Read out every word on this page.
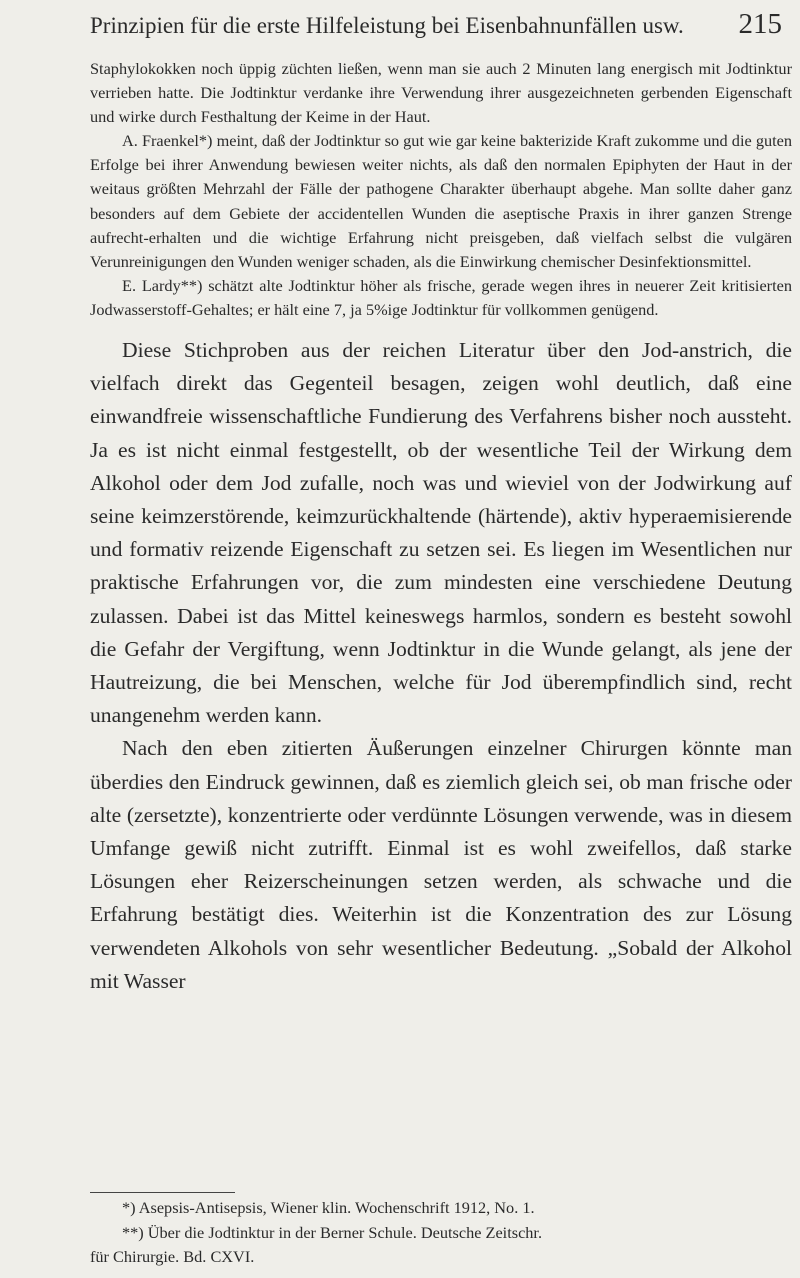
Prinzipien für die erste Hilfeleistung bei Eisenbahnunfällen usw. 215

Staphylokokken noch üppig züchten ließen, wenn man sie auch 2 Minuten lang energisch mit Jodtinktur verrieben hatte. Die Jodtinktur verdanke ihre Verwendung ihrer ausgezeichneten gerbenden Eigenschaft und wirke durch Festhaltung der Keime in der Haut.

A. Fraenkel*) meint, daß der Jodtinktur so gut wie gar keine bakterizide Kraft zukomme und die guten Erfolge bei ihrer Anwendung bewiesen weiter nichts, als daß den normalen Epiphyten der Haut in der weitaus größten Mehrzahl der Fälle der pathogene Charakter überhaupt abgehe. Man sollte daher ganz besonders auf dem Gebiete der accidentellen Wunden die aseptische Praxis in ihrer ganzen Strenge aufrecht-erhalten und die wichtige Erfahrung nicht preisgeben, daß vielfach selbst die vulgären Verunreinigungen den Wunden weniger schaden, als die Einwirkung chemischer Desinfektionsmittel.

E. Lardy**) schätzt alte Jodtinktur höher als frische, gerade wegen ihres in neuerer Zeit kritisierten Jodwasserstoff-Gehaltes; er hält eine 7, ja 5%ige Jodtinktur für vollkommen genügend.

Diese Stichproben aus der reichen Literatur über den Jod-anstrich, die vielfach direkt das Gegenteil besagen, zeigen wohl deutlich, daß eine einwandfreie wissenschaftliche Fundierung des Verfahrens bisher noch aussteht. Ja es ist nicht einmal festgestellt, ob der wesentliche Teil der Wirkung dem Alkohol oder dem Jod zufalle, noch was und wieviel von der Jodwirkung auf seine keimzerstörende, keimzurückhaltende (härtende), aktiv hyperaemisierende und formativ reizende Eigenschaft zu setzen sei. Es liegen im Wesentlichen nur praktische Erfahrungen vor, die zum mindesten eine verschiedene Deutung zulassen. Dabei ist das Mittel keineswegs harmlos, sondern es besteht sowohl die Gefahr der Vergiftung, wenn Jodtinktur in die Wunde gelangt, als jene der Hautreizung, die bei Menschen, welche für Jod überempfindlich sind, recht unangenehm werden kann.

Nach den eben zitierten Äußerungen einzelner Chirurgen könnte man überdies den Eindruck gewinnen, daß es ziemlich gleich sei, ob man frische oder alte (zersetzte), konzentrierte oder verdünnte Lösungen verwende, was in diesem Umfange gewiß nicht zutrifft. Einmal ist es wohl zweifellos, daß starke Lösungen eher Reizerscheinungen setzen werden, als schwache und die Erfahrung bestätigt dies. Weiterhin ist die Konzentration des zur Lösung verwendeten Alkohols von sehr wesentlicher Bedeutung. „Sobald der Alkohol mit Wasser

*) Asepsis-Antisepsis, Wiener klin. Wochenschrift 1912, No. 1.

**) Über die Jodtinktur in der Berner Schule. Deutsche Zeitschr.

für Chirurgie. Bd. CXVI.
